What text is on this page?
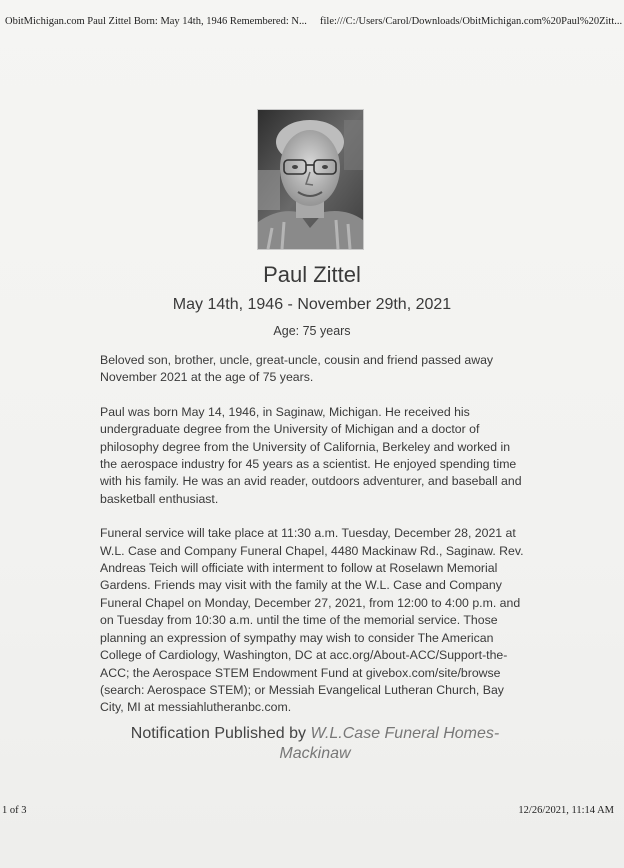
ObitMichigan.com Paul Zittel Born: May 14th, 1946 Remembered: N... file:///C:/Users/Carol/Downloads/ObitMichigan.com%20Paul%20Zitt...
Paul Zittel
May 14th, 1946 - November 29th, 2021
Age: 75 years

Beloved son, brother, uncle, great-uncle, cousin and friend passed away November 2021 at the age of 75 years.

Paul was born May 14, 1946, in Saginaw, Michigan. He received his undergraduate degree from the University of Michigan and a doctor of philosophy degree from the University of California, Berkeley and worked in the aerospace industry for 45 years as a scientist. He enjoyed spending time with his family. He was an avid reader, outdoors adventurer, and baseball and basketball enthusiast.

Funeral service will take place at 11:30 a.m. Tuesday, December 28, 2021 at W.L. Case and Company Funeral Chapel, 4480 Mackinaw Rd., Saginaw. Rev. Andreas Teich will officiate with interment to follow at Roselawn Memorial Gardens. Friends may visit with the family at the W.L. Case and Company Funeral Chapel on Monday, December 27, 2021, from 12:00 to 4:00 p.m. and on Tuesday from 10:30 a.m. until the time of the memorial service. Those planning an expression of sympathy may wish to consider The American College of Cardiology, Washington, DC at acc.org/About-ACC/Support-the-ACC; the Aerospace STEM Endowment Fund at givebox.com/site/browse (search: Aerospace STEM); or Messiah Evangelical Lutheran Church, Bay City, MI at messiahlutheranbc.com.

Notification Published by W.L.Case Funeral Homes-Mackinaw
1 of 3	12/26/2021, 11:14 AM
